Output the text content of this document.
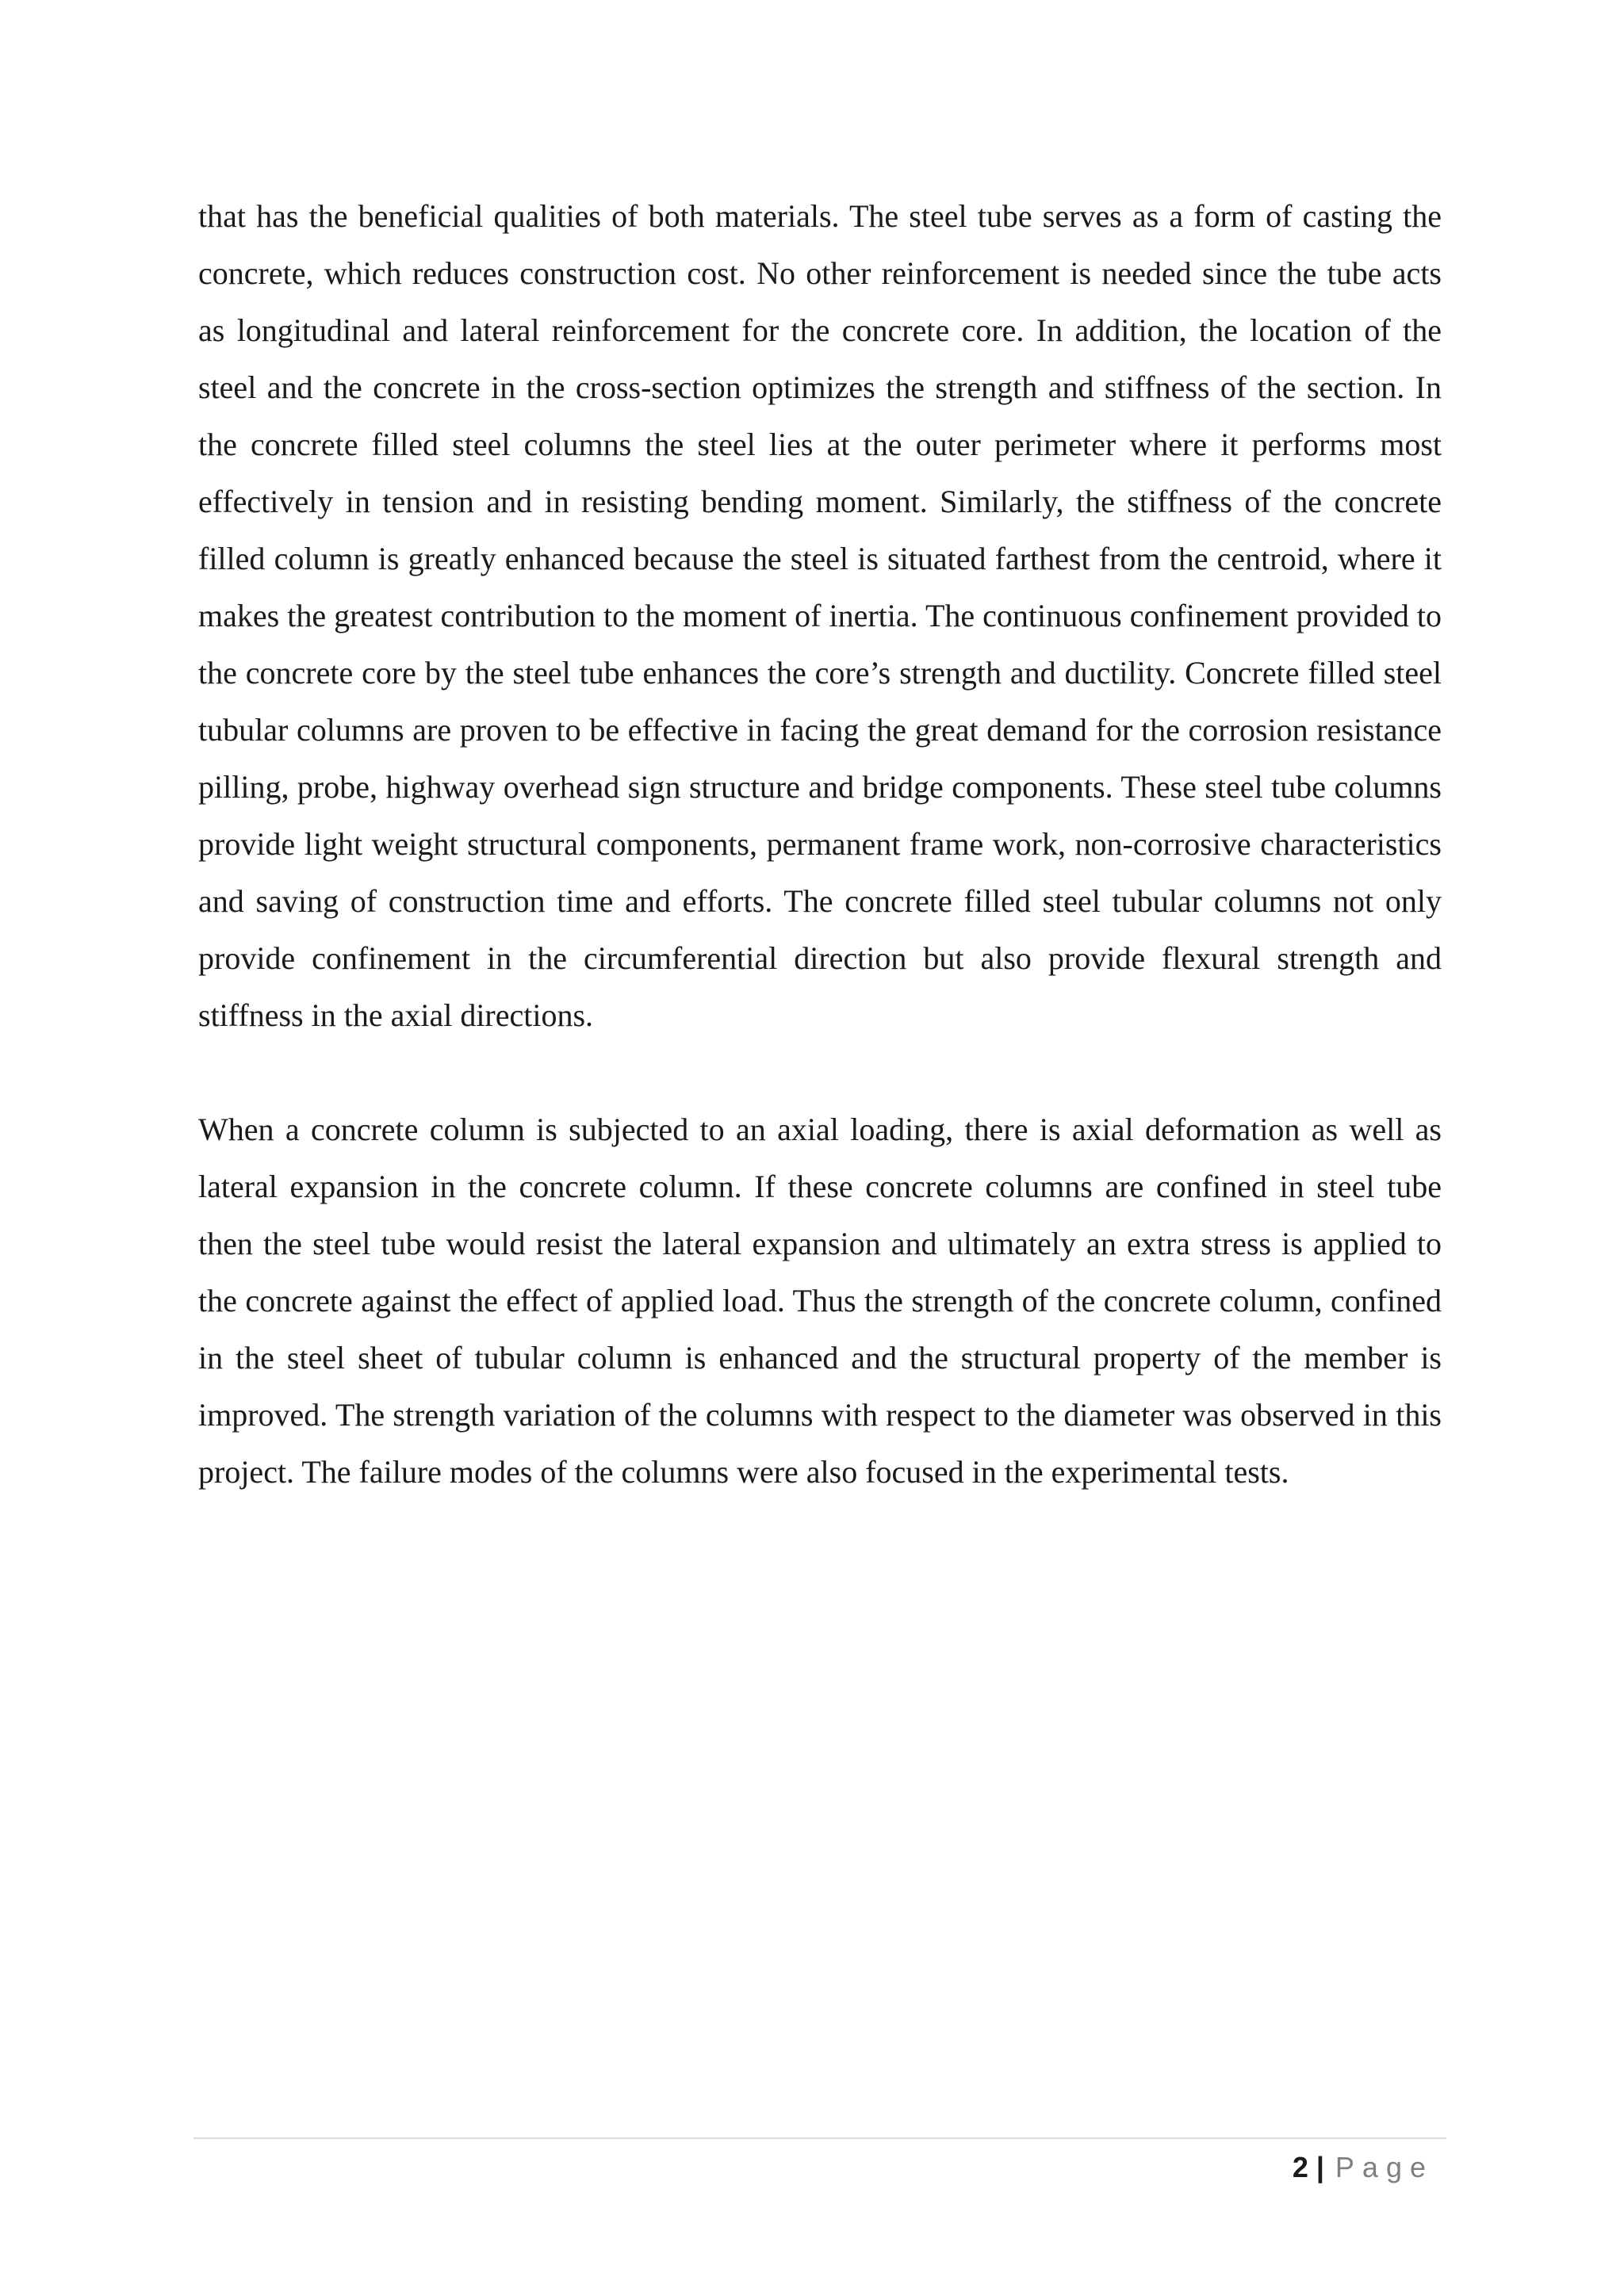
that has the beneficial qualities of both materials. The steel tube serves as a form of casting the concrete, which reduces construction cost. No other reinforcement is needed since the tube acts as longitudinal and lateral reinforcement for the concrete core. In addition, the location of the steel and the concrete in the cross-section optimizes the strength and stiffness of the section. In the concrete filled steel columns the steel lies at the outer perimeter where it performs most effectively in tension and in resisting bending moment. Similarly, the stiffness of the concrete filled column is greatly enhanced because the steel is situated farthest from the centroid, where it makes the greatest contribution to the moment of inertia. The continuous confinement provided to the concrete core by the steel tube enhances the core’s strength and ductility. Concrete filled steel tubular columns are proven to be effective in facing the great demand for the corrosion resistance pilling, probe, highway overhead sign structure and bridge components. These steel tube columns provide light weight structural components, permanent frame work, non-corrosive characteristics and saving of construction time and efforts. The concrete filled steel tubular columns not only provide confinement in the circumferential direction but also provide flexural strength and stiffness in the axial directions.

When a concrete column is subjected to an axial loading, there is axial deformation as well as lateral expansion in the concrete column. If these concrete columns are confined in steel tube then the steel tube would resist the lateral expansion and ultimately an extra stress is applied to the concrete against the effect of applied load. Thus the strength of the concrete column, confined in the steel sheet of tubular column is enhanced and the structural property of the member is improved. The strength variation of the columns with respect to the diameter was observed in this project. The failure modes of the columns were also focused in the experimental tests.

2 | Page
